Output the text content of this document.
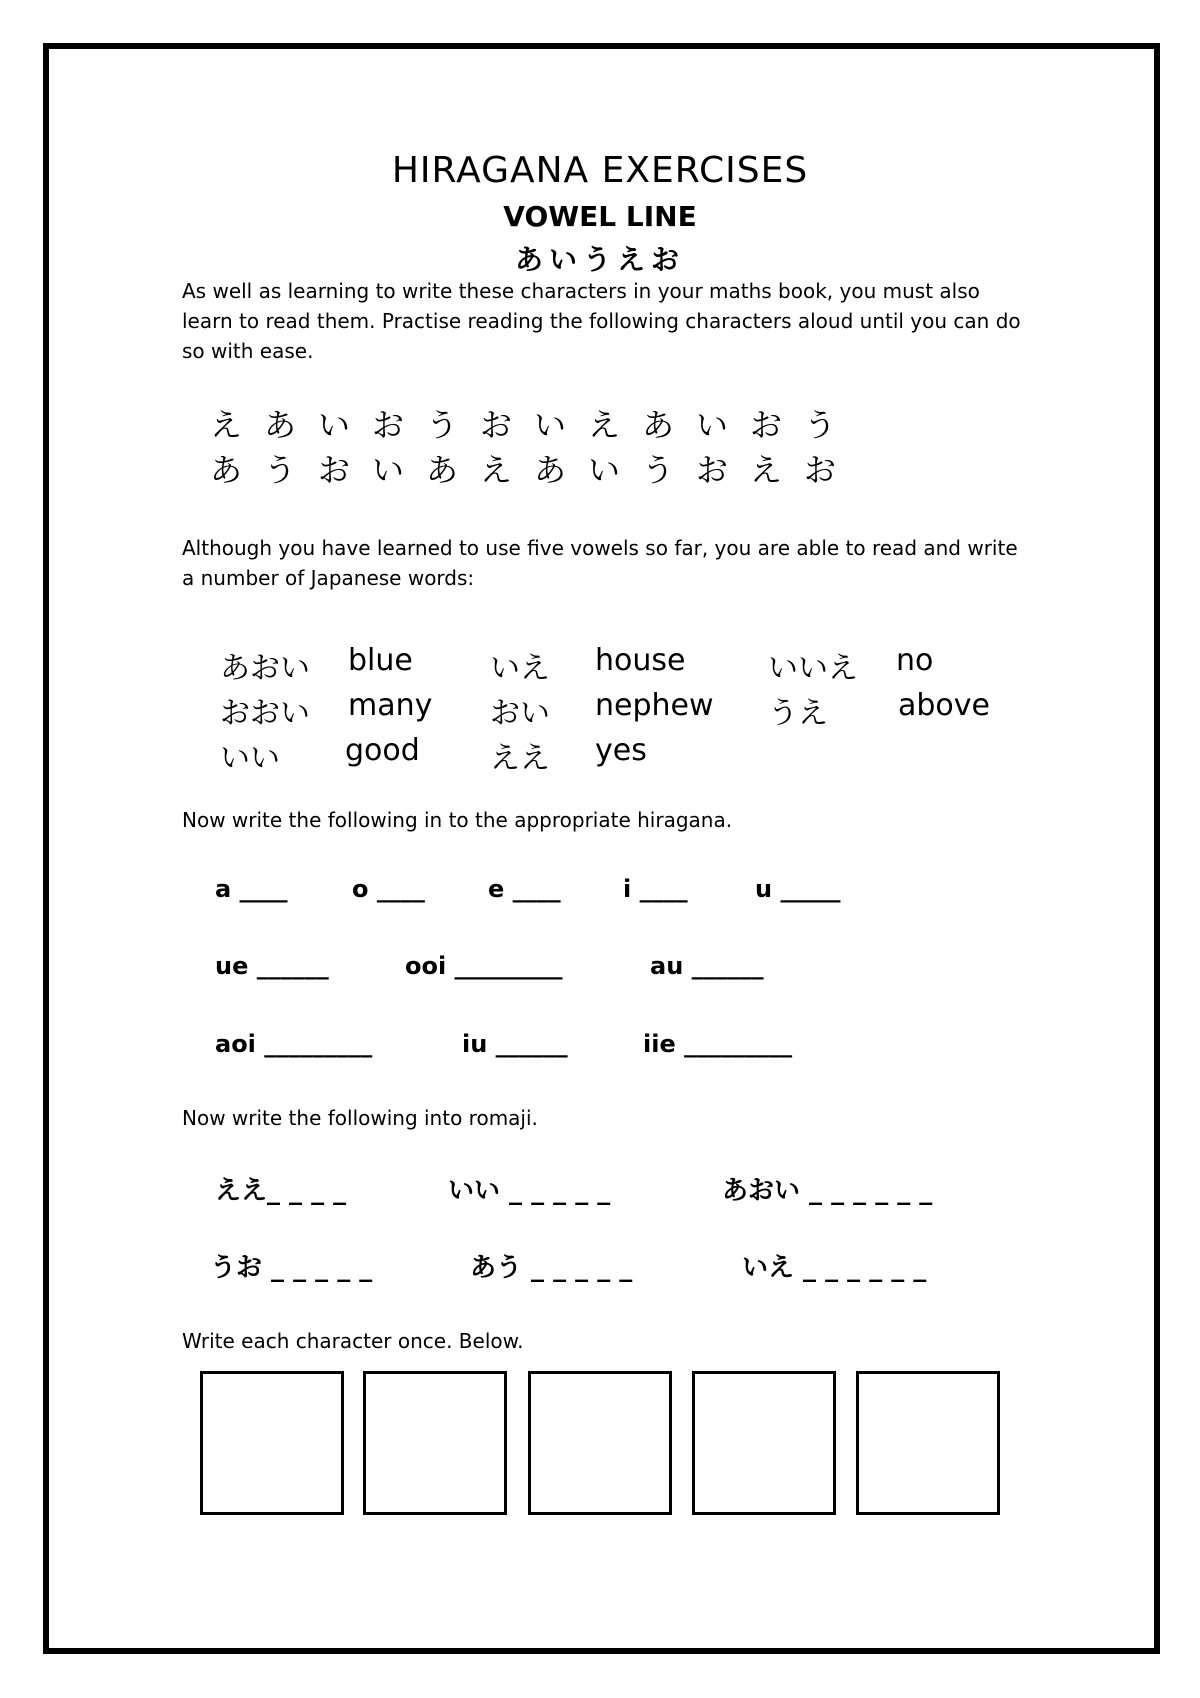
HIRAGANA EXERCISES
VOWEL LINE
あいうえお
As well as learning to write these characters in your maths book, you must also learn to read them. Practise reading the following characters aloud until you can do so with ease.
えあいおうおいえあいおう
あうおいあえあいうおえお
Although you have learned to use five vowels so far, you are able to read and write a number of Japanese words:
あおい blue	いえ house	いいえ no
おおい many おい nephew うえ above
いい good ええ yes
Now write the following in to the appropriate hiragana.
a ____	o ____	e ____	i ____	u _____
ue ______	ooi _________	au ______
aoi _________	iu ______	iie _________
Now write the following into romaji.
ええ_ _ _ _	いい _ _ _ _ _	あおい _ _ _ _ _ _
うお _ _ _ _ _	あう _ _ _ _ _	いえ _ _ _ _ _ _
Write each character once. Below.
